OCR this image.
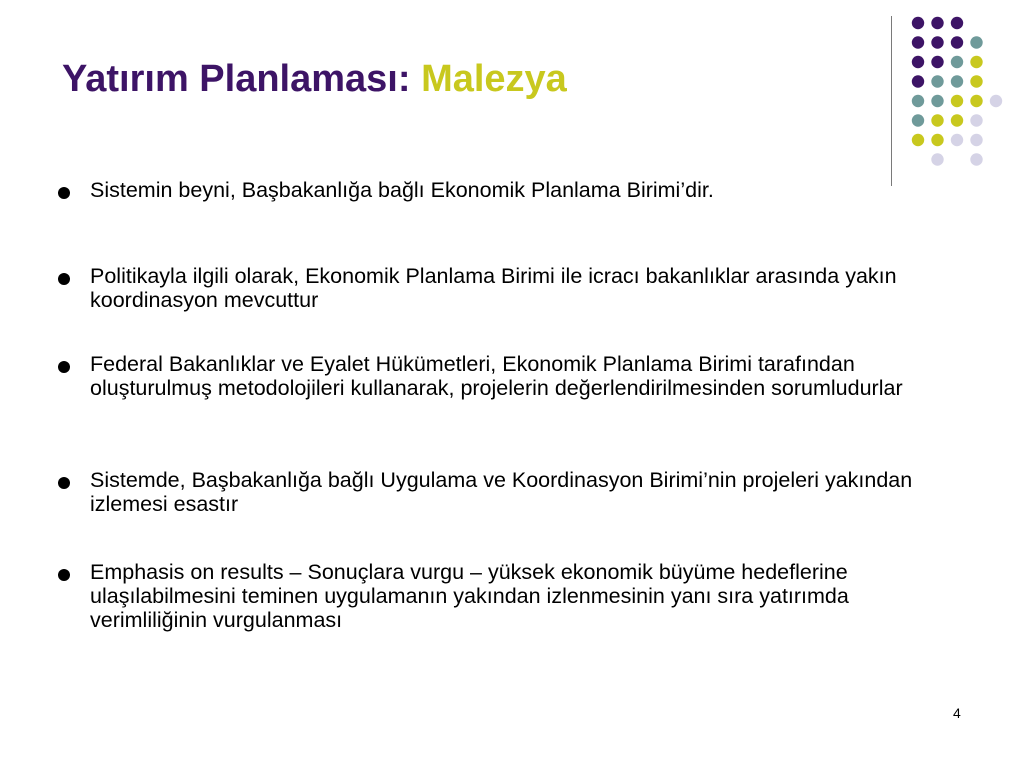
Yatırım Planlaması: Malezya
Sistemin beyni, Başbakanlığa bağlı Ekonomik Planlama Birimi’dir.
Politikayla ilgili olarak, Ekonomik Planlama Birimi ile icracı bakanlıklar arasında yakın koordinasyon mevcuttur
Federal Bakanlıklar ve Eyalet Hükümetleri, Ekonomik Planlama Birimi tarafından oluşturulmuş metodolojileri kullanarak, projelerin değerlendirilmesinden sorumludurlar
Sistemde, Başbakanlığa bağlı Uygulama ve Koordinasyon Birimi’nin projeleri yakından izlemesi esastır
Emphasis on results – Sonuçlara vurgu – yüksek ekonomik büyüme hedeflerine ulaşılabilmesini teminen uygulamanın yakından izlenmesinin yanı sıra yatırımda verimliliğinin vurgulanması
4
